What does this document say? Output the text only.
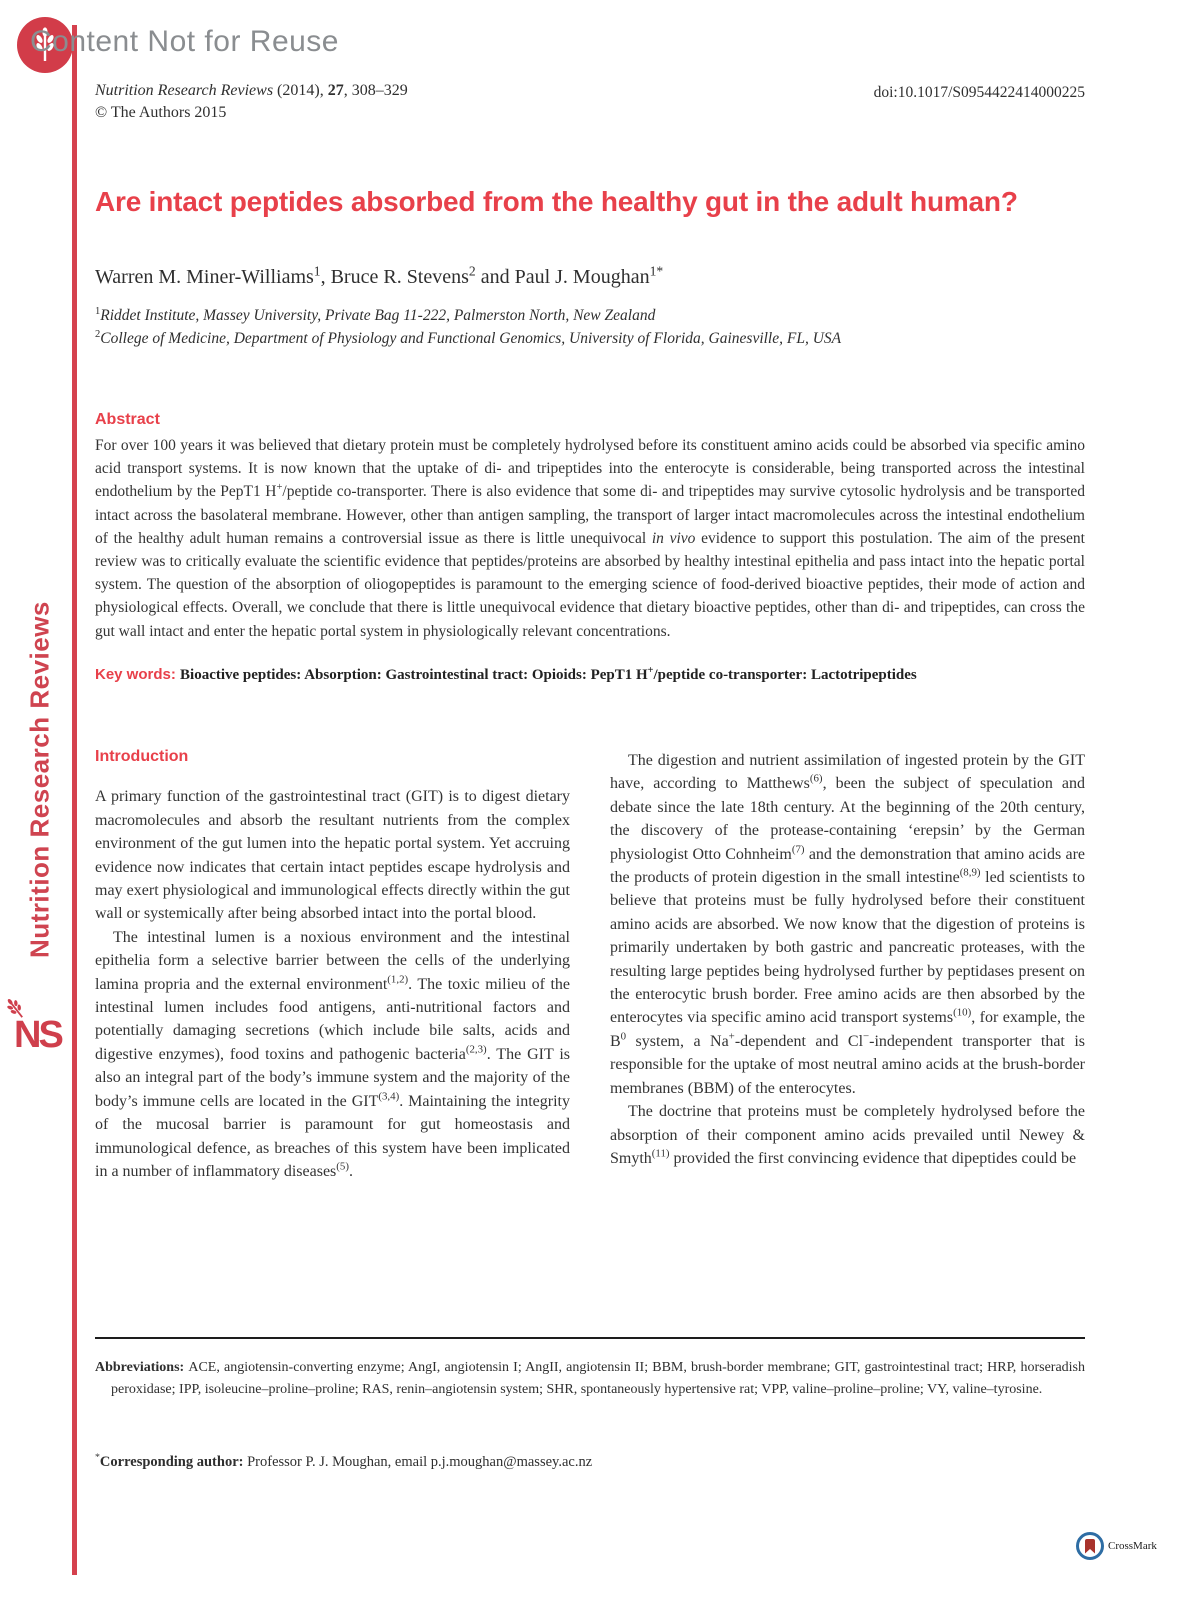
Content Not for Reuse
Nutrition Research Reviews (2014), 27, 308–329
© The Authors 2015
doi:10.1017/S0954422414000225
Are intact peptides absorbed from the healthy gut in the adult human?
Warren M. Miner-Williams$^1$, Bruce R. Stevens$^2$ and Paul J. Moughan$^{1*}$
$^1$Riddet Institute, Massey University, Private Bag 11-222, Palmerston North, New Zealand
$^2$College of Medicine, Department of Physiology and Functional Genomics, University of Florida, Gainesville, FL, USA
Abstract
For over 100 years it was believed that dietary protein must be completely hydrolysed before its constituent amino acids could be absorbed via specific amino acid transport systems. It is now known that the uptake of di- and tripeptides into the enterocyte is considerable, being transported across the intestinal endothelium by the PepT1 H+/peptide co-transporter. There is also evidence that some di- and tripeptides may survive cytosolic hydrolysis and be transported intact across the basolateral membrane. However, other than antigen sampling, the transport of larger intact macromolecules across the intestinal endothelium of the healthy adult human remains a controversial issue as there is little unequivocal in vivo evidence to support this postulation. The aim of the present review was to critically evaluate the scientific evidence that peptides/proteins are absorbed by healthy intestinal epithelia and pass intact into the hepatic portal system. The question of the absorption of oliogopeptides is paramount to the emerging science of food-derived bioactive peptides, their mode of action and physiological effects. Overall, we conclude that there is little unequivocal evidence that dietary bioactive peptides, other than di- and tripeptides, can cross the gut wall intact and enter the hepatic portal system in physiologically relevant concentrations.
Key words: Bioactive peptides: Absorption: Gastrointestinal tract: Opioids: PepT1 H+/peptide co-transporter: Lactotripeptides
Introduction

A primary function of the gastrointestinal tract (GIT) is to digest dietary macromolecules and absorb the resultant nutrients from the complex environment of the gut lumen into the hepatic portal system. Yet accruing evidence now indicates that certain intact peptides escape hydrolysis and may exert physiological and immunological effects directly within the gut wall or systemically after being absorbed intact into the portal blood.

The intestinal lumen is a noxious environment and the intestinal epithelia form a selective barrier between the cells of the underlying lamina propria and the external environment$^{(1,2)}$. The toxic milieu of the intestinal lumen includes food antigens, anti-nutritional factors and potentially damaging secretions (which include bile salts, acids and digestive enzymes), food toxins and pathogenic bacteria$^{(2,3)}$. The GIT is also an integral part of the body’s immune system and the majority of the body’s immune cells are located in the GIT$^{(3,4)}$. Maintaining the integrity of the mucosal barrier is paramount for gut homeostasis and immunological defence, as breaches of this system have been implicated in a number of inflammatory diseases$^{(5)}$.

The digestion and nutrient assimilation of ingested protein by the GIT have, according to Matthews$^{(6)}$, been the subject of speculation and debate since the late 18th century. At the beginning of the 20th century, the discovery of the protease-containing ‘erepsin’ by the German physiologist Otto Cohnheim$^{(7)}$ and the demonstration that amino acids are the products of protein digestion in the small intestine$^{(8,9)}$ led scientists to believe that proteins must be fully hydrolysed before their constituent amino acids are absorbed. We now know that the digestion of proteins is primarily undertaken by both gastric and pancreatic proteases, with the resulting large peptides being hydrolysed further by peptidases present on the enterocytic brush border. Free amino acids are then absorbed by the enterocytes via specific amino acid transport systems$^{(10)}$, for example, the $B^0$ system, a Na+-dependent and Cl−-independent transporter that is responsible for the uptake of most neutral amino acids at the brush-border membranes (BBM) of the enterocytes.

The doctrine that proteins must be completely hydrolysed before the absorption of their component amino acids prevailed until Newey & Smyth$^{(11)}$ provided the first convincing evidence that dipeptides could be

Abbreviations: ACE, angiotensin-converting enzyme; AngI, angiotensin I; AngII, angiotensin II; BBM, brush-border membrane; GIT, gastrointestinal tract; HRP, horseradish peroxidase; IPP, isoleucine–proline–proline; RAS, renin–angiotensin system; SHR, spontaneously hypertensive rat; VPP, valine–proline–proline; VY, valine–tyrosine.
*Corresponding author: Professor P. J. Moughan, email p.j.moughan@massey.ac.nz
Nutrition Research Reviews
NS
CrossMark
